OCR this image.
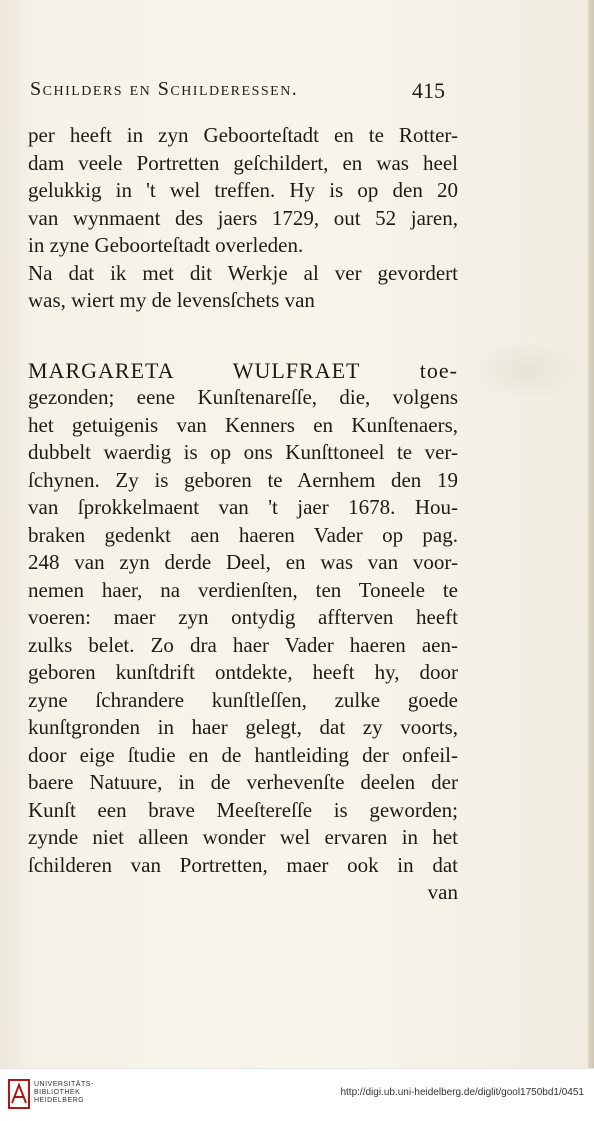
Schilders en Schilderessen.	415
per heeft in zyn Geboorteſtadt en te Rotter-
dam veele Portretten geſchildert, en was heel
gelukkig in 't wel treffen. Hy is op den 20
van wynmaent des jaers 1729, out 52 jaren,
in zyne Geboorteſtadt overleden.
Na dat ik met dit Werkje al ver gevordert
was, wiert my de levensſchets van
MARGARETA WULFRAET toe-
gezonden; eene Kunſtenareſſe, die, volgens
het getuigenis van Kenners en Kunſtenaers,
dubbelt waerdig is op ons Kunſttoneel te ver-
ſchynen. Zy is geboren te Aernhem den 19
van ſprokkelmaent van 't jaer 1678. Hou-
braken gedenkt aen haeren Vader op pag.
248 van zyn derde Deel, en was van voor-
nemen haer, na verdienſten, ten Toneele te
voeren: maer zyn ontydig affterven heeft
zulks belet. Zo dra haer Vader haeren aen-
geboren kunſtdrift ontdekte, heeft hy, door
zyne ſchrandere kunſtleſſen, zulke goede
kunſtgronden in haer gelegt, dat zy voorts,
door eige ſtudie en de hantleiding der onfeil-
baere Natuure, in de verhevenſte deelen der
Kunſt een brave Meeſtereſſe is geworden;
zynde niet alleen wonder wel ervaren in het
ſchilderen van Portretten, maer ook in dat
van
UNIVERSITÄTS-
BIBLIOTHEK
HEIDELBERG
http://digi.ub.uni-heidelberg.de/diglit/gool1750bd1/0451
